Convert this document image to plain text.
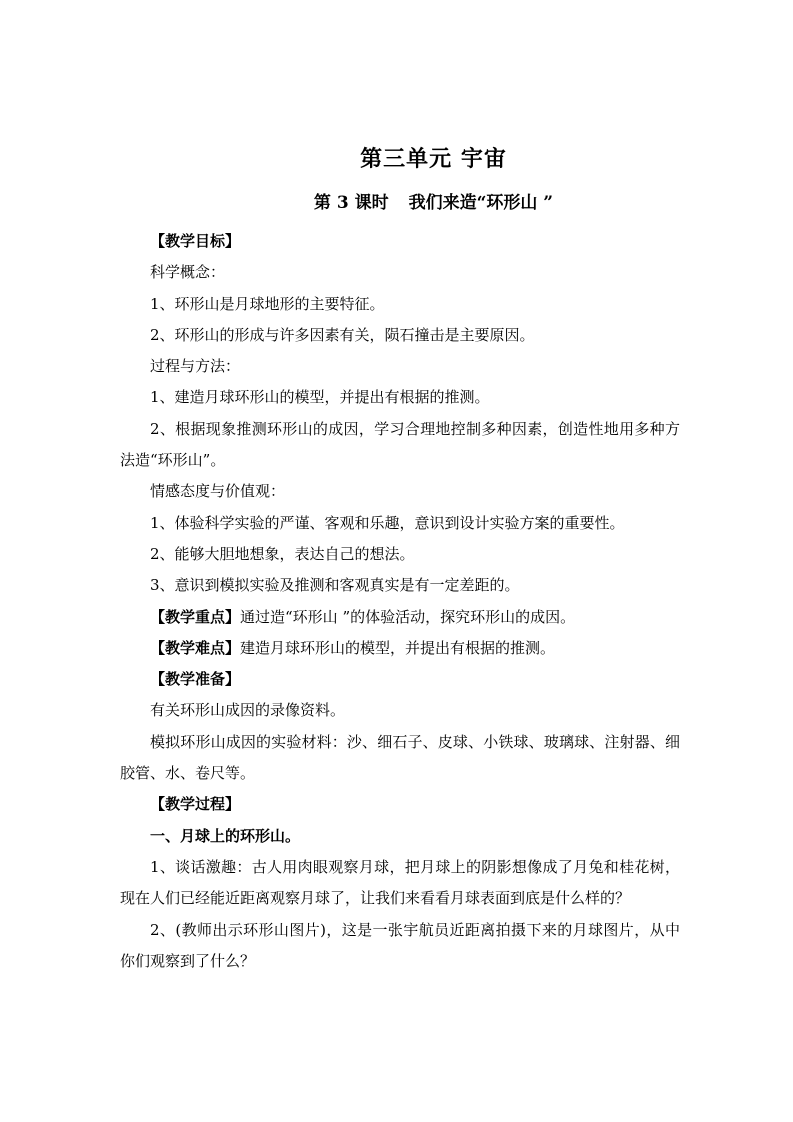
第三单元 宇宙
第 3 课时 我们来造“环形山 ”

【教学目标】

科学概念：

1、环形山是月球地形的主要特征。

2、环形山的形成与许多因素有关，陨石撞击是主要原因。

过程与方法：

1、建造月球环形山的模型，并提出有根据的推测。

2、根据现象推测环形山的成因，学习合理地控制多种因素，创造性地用多种方法造“环形山”。

情感态度与价值观：

1、体验科学实验的严谨、客观和乐趣，意识到设计实验方案的重要性。

2、能够大胆地想象，表达自己的想法。

3、意识到模拟实验及推测和客观真实是有一定差距的。

【教学重点】通过造“环形山 ”的体验活动，探究环形山的成因。

【教学难点】建造月球环形山的模型，并提出有根据的推测。

【教学准备】

有关环形山成因的录像资料。

模拟环形山成因的实验材料：沙、细石子、皮球、小铁球、玻璃球、注射器、细胶管、水、卷尺等。

【教学过程】

一、月球上的环形山。

1、谈话激趣：古人用肉眼观察月球，把月球上的阴影想像成了月兔和桂花树，现在人们已经能近距离观察月球了，让我们来看看月球表面到底是什么样的？

2、(教师出示环形山图片)，这是一张宇航员近距离拍摄下来的月球图片，从中你们观察到了什么？
